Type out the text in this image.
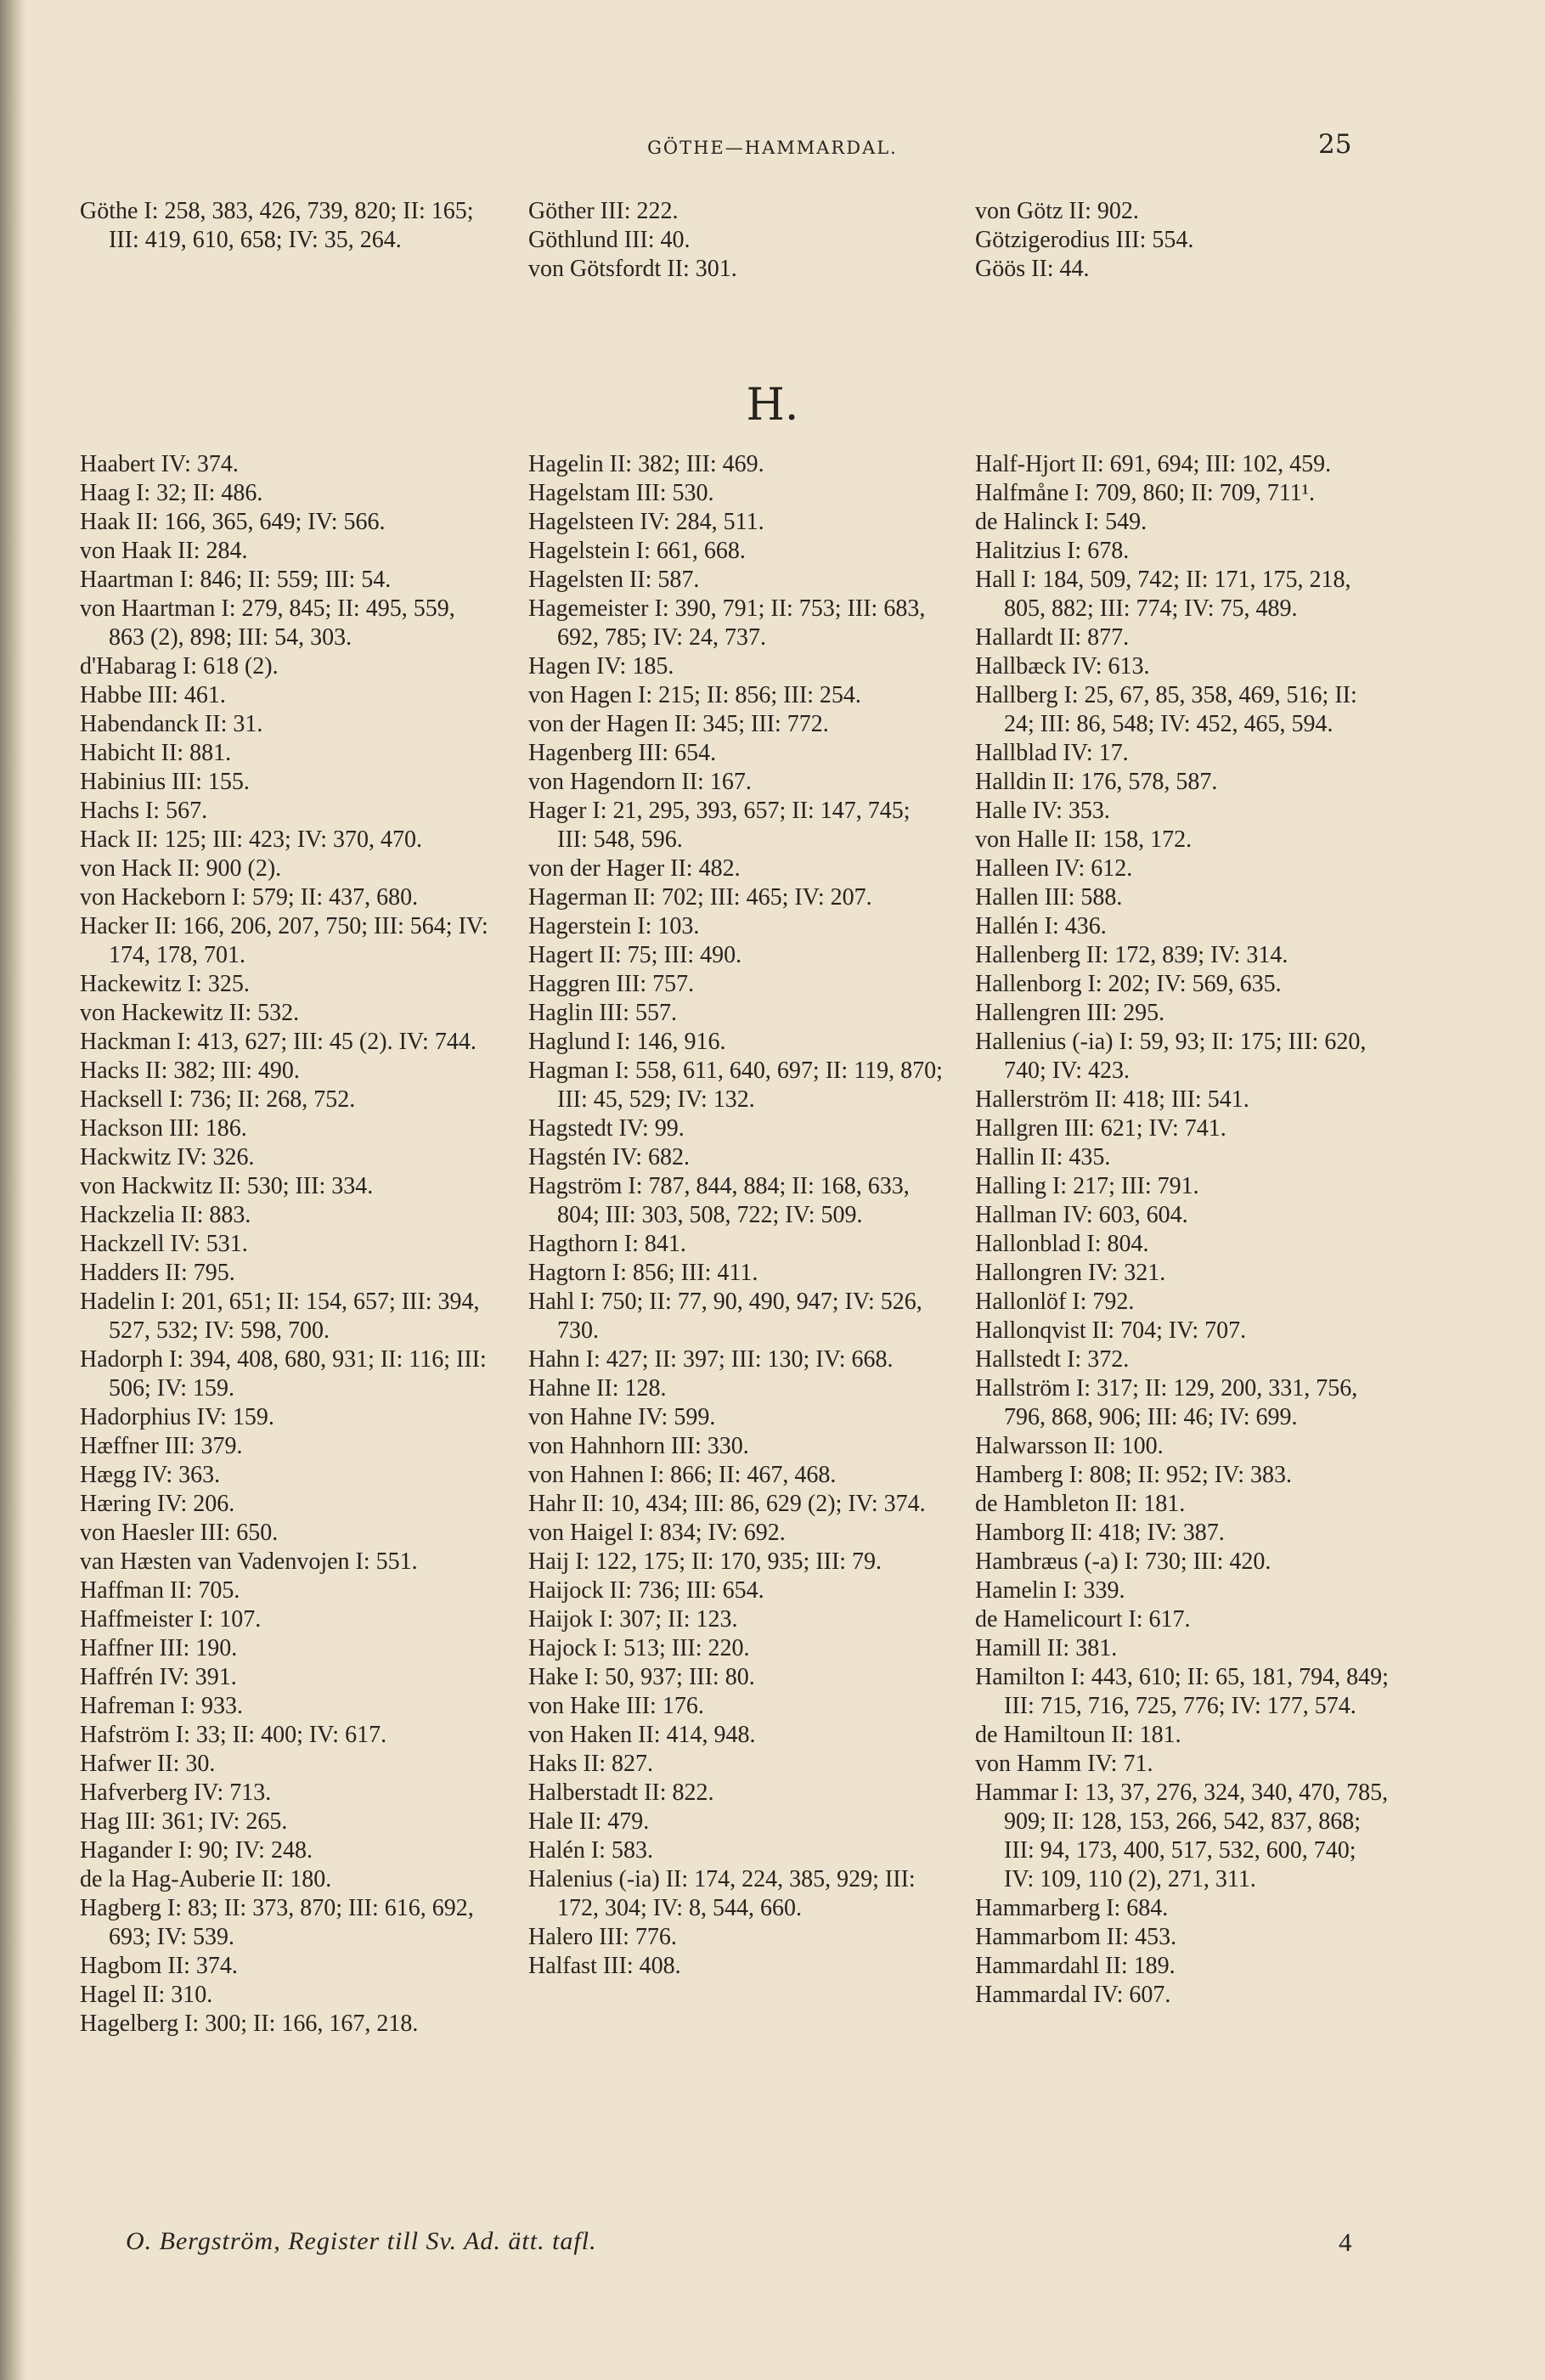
GÖTHE—HAMMARDAL.	25

Göthe I: 258, 383, 426, 739, 820; II: 165; III: 419, 610, 658; IV: 35, 264.

Göther III: 222.

Göthlund III: 40.

von Götsfordt II: 301.

von Götz II: 902.

Götzigerodius III: 554.

Göös II: 44.

H.

Haabert IV: 374.

Haag I: 32; II: 486.

Haak II: 166, 365, 649; IV: 566.

von Haak II: 284.

Haartman I: 846; II: 559; III: 54.

von Haartman I: 279, 845; II: 495, 559, 863 (2), 898; III: 54, 303.

d'Habarag I: 618 (2).

Habbe III: 461.

Habendanck II: 31.

Habicht II: 881.

Habinius III: 155.

Hachs I: 567.

Hack II: 125; III: 423; IV: 370, 470.

von Hack II: 900 (2).

von Hackeborn I: 579; II: 437, 680.

Hacker II: 166, 206, 207, 750; III: 564; IV: 174, 178, 701.

Hackewitz I: 325.

von Hackewitz II: 532.

Hackman I: 413, 627; III: 45 (2). IV: 744.

Hacks II: 382; III: 490.

Hacksell I: 736; II: 268, 752.

Hackson III: 186.

Hackwitz IV: 326.

von Hackwitz II: 530; III: 334.

Hackzelia II: 883.

Hackzell IV: 531.

Hadders II: 795.

Hadelin I: 201, 651; II: 154, 657; III: 394, 527, 532; IV: 598, 700.

Hadorph I: 394, 408, 680, 931; II: 116; III: 506; IV: 159.

Hadorphius IV: 159.

Hæffner III: 379.

Hægg IV: 363.

Hæring IV: 206.

von Haesler III: 650.

van Hæsten van Vadenvojen I: 551.

Haffman II: 705.

Haffmeister I: 107.

Haffner III: 190.

Haffrén IV: 391.

Hafreman I: 933.

Hafström I: 33; II: 400; IV: 617.

Hafwer II: 30.

Hafverberg IV: 713.

Hag III: 361; IV: 265.

Hagander I: 90; IV: 248.

de la Hag-Auberie II: 180.

Hagberg I: 83; II: 373, 870; III: 616, 692, 693; IV: 539.

Hagbom II: 374.

Hagel II: 310.

Hagelberg I: 300; II: 166, 167, 218.

Hagelin II: 382; III: 469.

Hagelstam III: 530.

Hagelsteen IV: 284, 511.

Hagelstein I: 661, 668.

Hagelsten II: 587.

Hagemeister I: 390, 791; II: 753; III: 683, 692, 785; IV: 24, 737.

Hagen IV: 185.

von Hagen I: 215; II: 856; III: 254.

von der Hagen II: 345; III: 772.

Hagenberg III: 654.

von Hagendorn II: 167.

Hager I: 21, 295, 393, 657; II: 147, 745; III: 548, 596.

von der Hager II: 482.

Hagerman II: 702; III: 465; IV: 207.

Hagerstein I: 103.

Hagert II: 75; III: 490.

Haggren III: 757.

Haglin III: 557.

Haglund I: 146, 916.

Hagman I: 558, 611, 640, 697; II: 119, 870; III: 45, 529; IV: 132.

Hagstedt IV: 99.

Hagstén IV: 682.

Hagström I: 787, 844, 884; II: 168, 633, 804; III: 303, 508, 722; IV: 509.

Hagthorn I: 841.

Hagtorn I: 856; III: 411.

Hahl I: 750; II: 77, 90, 490, 947; IV: 526, 730.

Hahn I: 427; II: 397; III: 130; IV: 668.

Hahne II: 128.

von Hahne IV: 599.

von Hahnhorn III: 330.

von Hahnen I: 866; II: 467, 468.

Hahr II: 10, 434; III: 86, 629 (2); IV: 374.

von Haigel I: 834; IV: 692.

Haij I: 122, 175; II: 170, 935; III: 79.

Haijock II: 736; III: 654.

Haijok I: 307; II: 123.

Hajock I: 513; III: 220.

Hake I: 50, 937; III: 80.

von Hake III: 176.

von Haken II: 414, 948.

Haks II: 827.

Halberstadt II: 822.

Hale II: 479.

Halén I: 583.

Halenius (-ia) II: 174, 224, 385, 929; III: 172, 304; IV: 8, 544, 660.

Halero III: 776.

Halfast III: 408.

Half-Hjort II: 691, 694; III: 102, 459.

Halfmåne I: 709, 860; II: 709, 711¹.

de Halinck I: 549.

Halitzius I: 678.

Hall I: 184, 509, 742; II: 171, 175, 218, 805, 882; III: 774; IV: 75, 489.

Hallardt II: 877.

Hallbæck IV: 613.

Hallberg I: 25, 67, 85, 358, 469, 516; II: 24; III: 86, 548; IV: 452, 465, 594.

Hallblad IV: 17.

Halldin II: 176, 578, 587.

Halle IV: 353.

von Halle II: 158, 172.

Halleen IV: 612.

Hallen III: 588.

Hallén I: 436.

Hallenberg II: 172, 839; IV: 314.

Hallenborg I: 202; IV: 569, 635.

Hallengren III: 295.

Hallenius (-ia) I: 59, 93; II: 175; III: 620, 740; IV: 423.

Hallerström II: 418; III: 541.

Hallgren III: 621; IV: 741.

Hallin II: 435.

Halling I: 217; III: 791.

Hallman IV: 603, 604.

Hallonblad I: 804.

Hallongren IV: 321.

Hallonlöf I: 792.

Hallonqvist II: 704; IV: 707.

Hallstedt I: 372.

Hallström I: 317; II: 129, 200, 331, 756, 796, 868, 906; III: 46; IV: 699.

Halwarsson II: 100.

Hamberg I: 808; II: 952; IV: 383.

de Hambleton II: 181.

Hamborg II: 418; IV: 387.

Hambræus (-a) I: 730; III: 420.

Hamelin I: 339.

de Hamelicourt I: 617.

Hamill II: 381.

Hamilton I: 443, 610; II: 65, 181, 794, 849; III: 715, 716, 725, 776; IV: 177, 574.

de Hamiltoun II: 181.

von Hamm IV: 71.

Hammar I: 13, 37, 276, 324, 340, 470, 785, 909; II: 128, 153, 266, 542, 837, 868; III: 94, 173, 400, 517, 532, 600, 740; IV: 109, 110 (2), 271, 311.

Hammarberg I: 684.

Hammarbom II: 453.

Hammardahl II: 189.

Hammardal IV: 607.

O. Bergström, Register till Sv. Ad. ätt. tafl.	4
